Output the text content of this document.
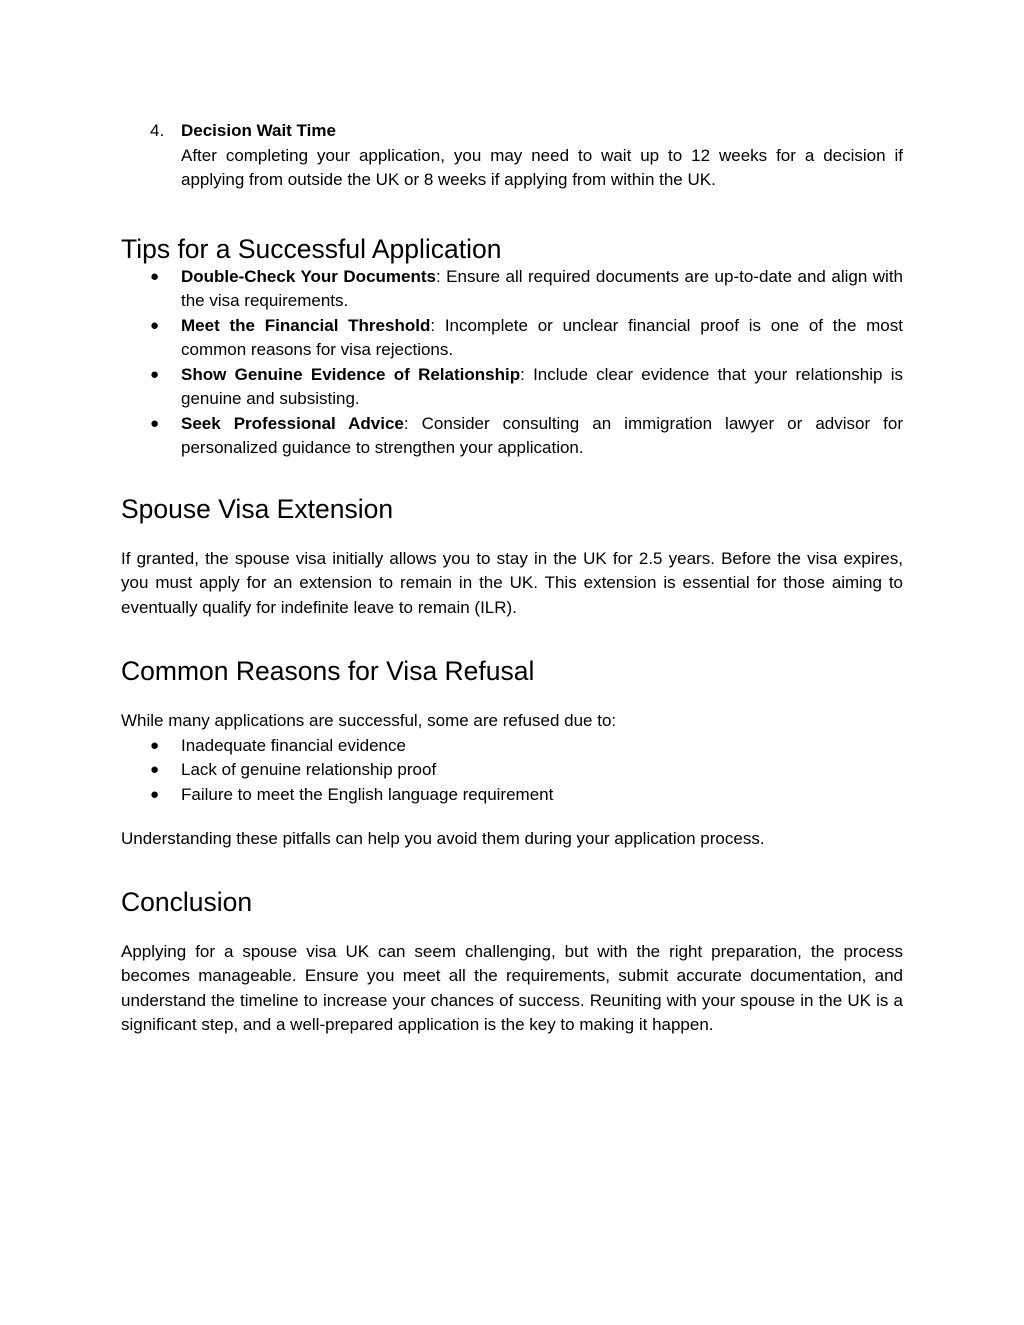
4. Decision Wait Time
After completing your application, you may need to wait up to 12 weeks for a decision if applying from outside the UK or 8 weeks if applying from within the UK.
Tips for a Successful Application
● Double-Check Your Documents: Ensure all required documents are up-to-date and align with the visa requirements.
● Meet the Financial Threshold: Incomplete or unclear financial proof is one of the most common reasons for visa rejections.
● Show Genuine Evidence of Relationship: Include clear evidence that your relationship is genuine and subsisting.
● Seek Professional Advice: Consider consulting an immigration lawyer or advisor for personalized guidance to strengthen your application.
Spouse Visa Extension

If granted, the spouse visa initially allows you to stay in the UK for 2.5 years. Before the visa expires, you must apply for an extension to remain in the UK. This extension is essential for those aiming to eventually qualify for indefinite leave to remain (ILR).

Common Reasons for Visa Refusal

While many applications are successful, some are refused due to:

● Inadequate financial evidence
● Lack of genuine relationship proof
● Failure to meet the English language requirement

Understanding these pitfalls can help you avoid them during your application process.

Conclusion

Applying for a spouse visa UK can seem challenging, but with the right preparation, the process becomes manageable. Ensure you meet all the requirements, submit accurate documentation, and understand the timeline to increase your chances of success. Reuniting with your spouse in the UK is a significant step, and a well-prepared application is the key to making it happen.
